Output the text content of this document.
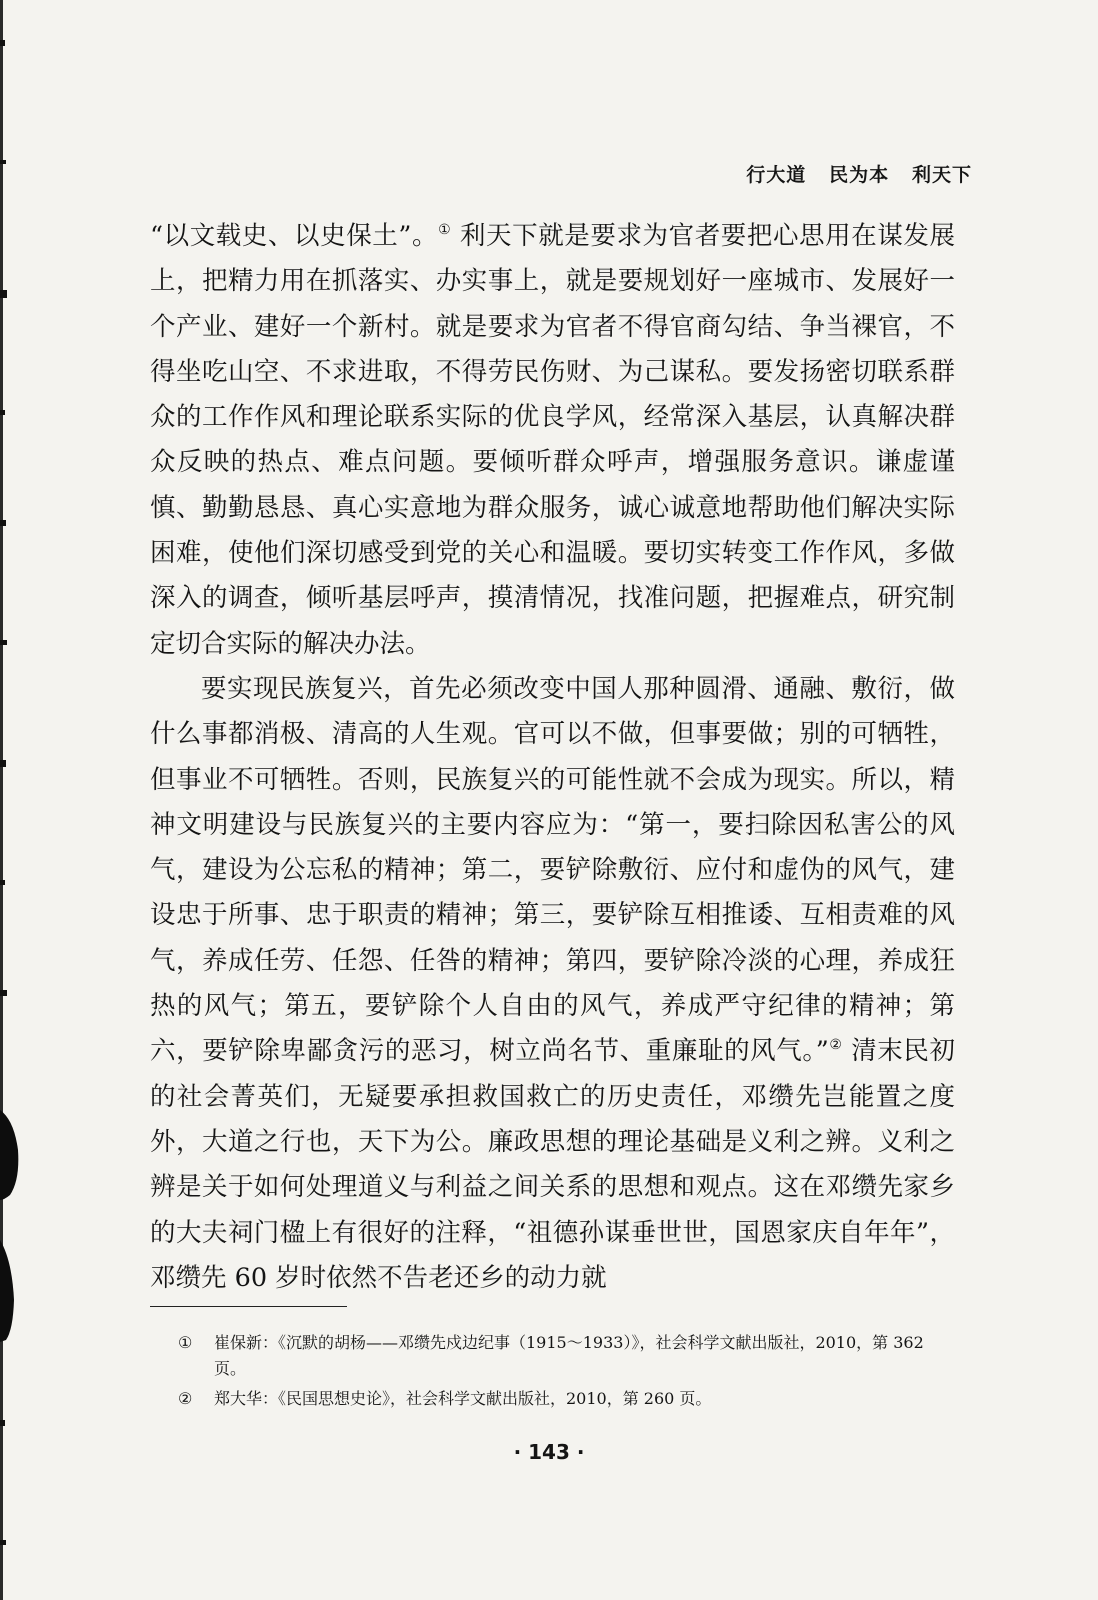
行大道   民为本   利天下

“以文载史、以史保土”。① 利天下就是要求为官者要把心思用在谋发展上，把精力用在抓落实、办实事上，就是要规划好一座城市、发展好一个产业、建好一个新村。就是要求为官者不得官商勾结、争当裸官，不得坐吃山空、不求进取，不得劳民伤财、为己谋私。要发扬密切联系群众的工作作风和理论联系实际的优良学风，经常深入基层，认真解决群众反映的热点、难点问题。要倾听群众呼声，增强服务意识。谦虚谨慎、勤勤恳恳、真心实意地为群众服务，诚心诚意地帮助他们解决实际困难，使他们深切感受到党的关心和温暖。要切实转变工作作风，多做深入的调查，倾听基层呼声，摸清情况，找准问题，把握难点，研究制定切合实际的解决办法。

要实现民族复兴，首先必须改变中国人那种圆滑、通融、敷衍，做什么事都消极、清高的人生观。官可以不做，但事要做；别的可牺牲，但事业不可牺牲。否则，民族复兴的可能性就不会成为现实。所以，精神文明建设与民族复兴的主要内容应为：“第一，要扫除因私害公的风气，建设为公忘私的精神；第二，要铲除敷衍、应付和虚伪的风气，建设忠于所事、忠于职责的精神；第三，要铲除互相推诿、互相责难的风气，养成任劳、任怨、任咎的精神；第四，要铲除冷淡的心理，养成狂热的风气；第五，要铲除个人自由的风气，养成严守纪律的精神；第六，要铲除卑鄙贪污的恶习，树立尚名节、重廉耻的风气。”② 清末民初的社会菁英们，无疑要承担救国救亡的历史责任，邓缵先岂能置之度外，大道之行也，天下为公。廉政思想的理论基础是义利之辨。义利之辨是关于如何处理道义与利益之间关系的思想和观点。这在邓缵先家乡的大夫祠门楹上有很好的注释，“祖德孙谋垂世世，国恩家庆自年年”，邓缵先 60 岁时依然不告老还乡的动力就

①	崔保新：《沉默的胡杨——邓缵先戍边纪事（1915～1933）》，社会科学文献出版社，2010，第 362 页。
②	郑大华：《民国思想史论》，社会科学文献出版社，2010，第 260 页。
· 143 ·
